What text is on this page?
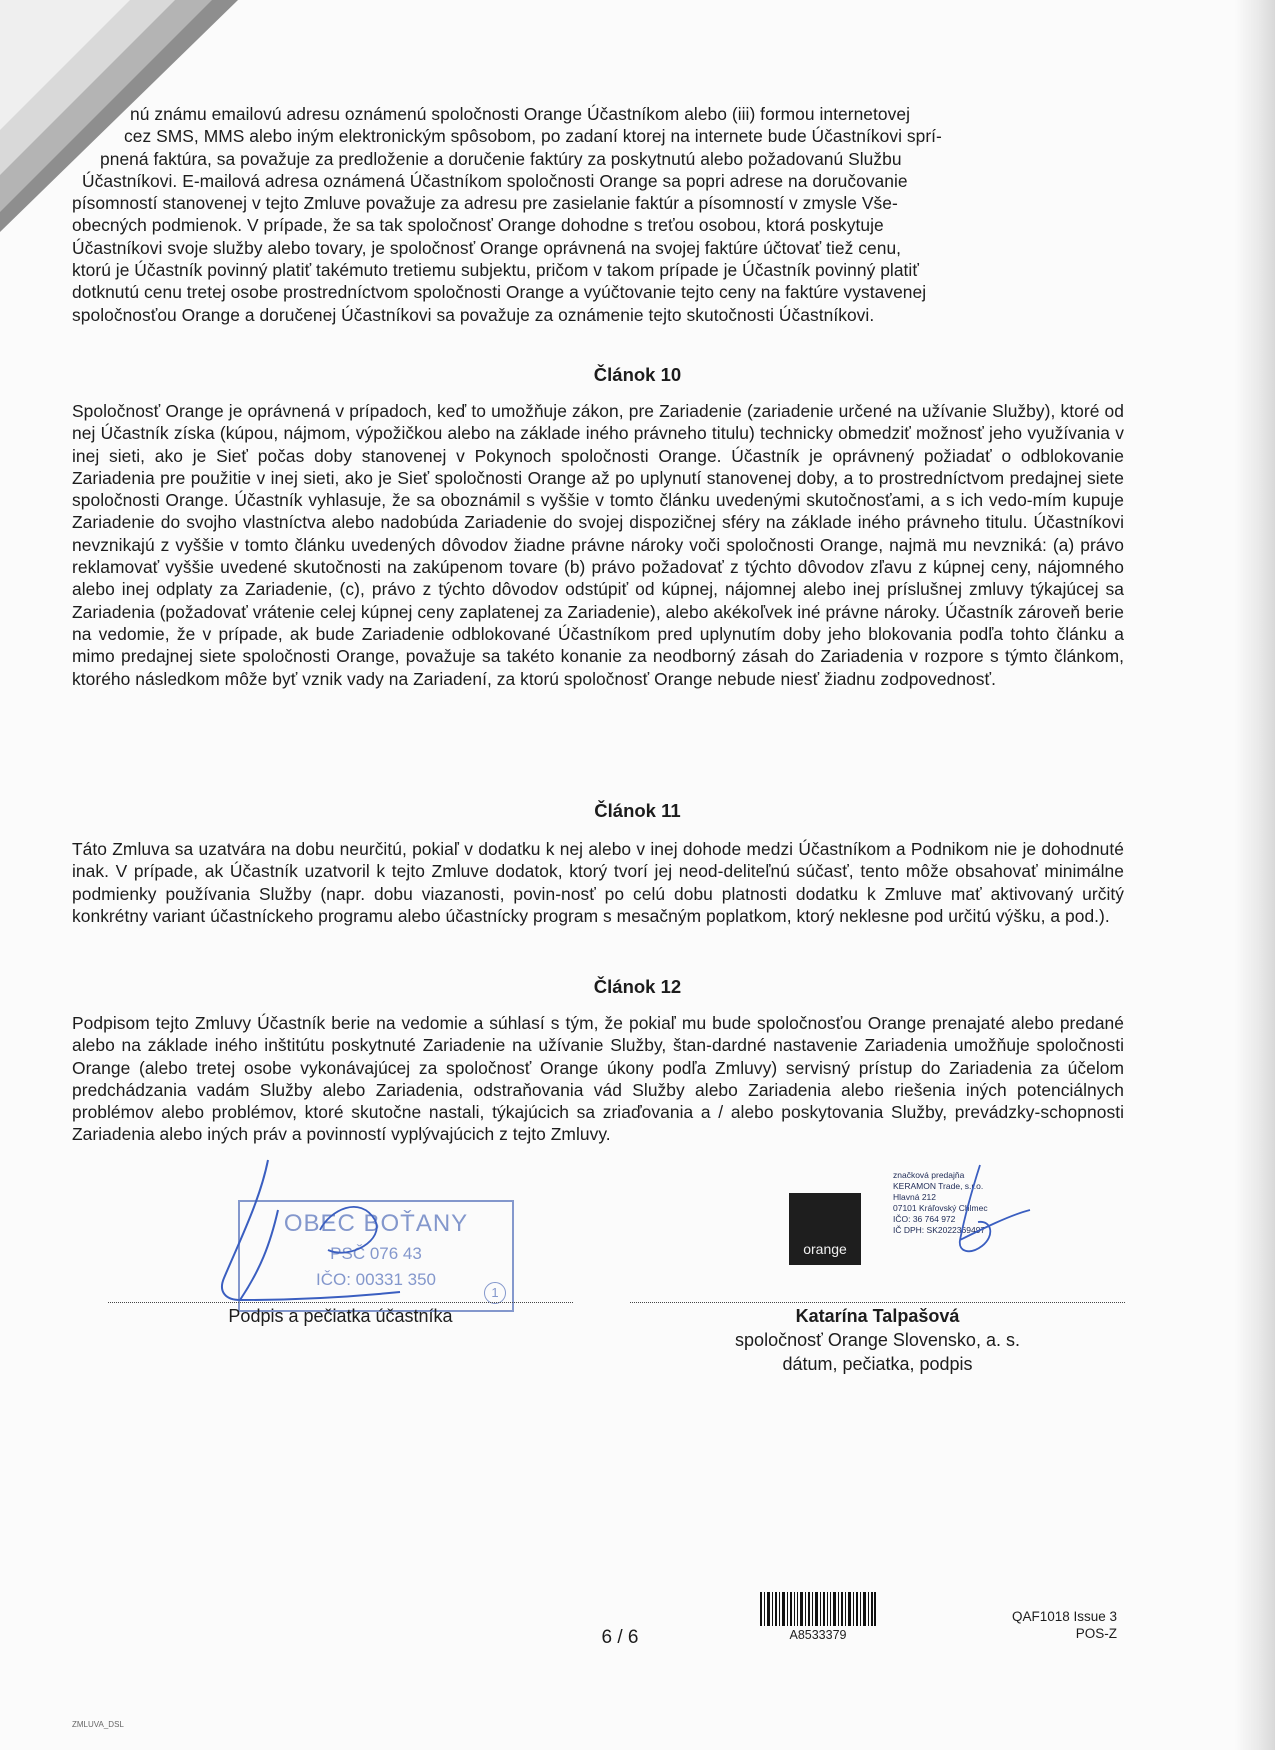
nú známu emailovú adresu oznámenú spoločnosti Orange Účastníkom alebo (iii) formou internetovej
cez SMS, MMS alebo iným elektronickým spôsobom, po zadaní ktorej na internete bude Účastníkovi sprí-
pnená faktúra, sa považuje za predloženie a doručenie faktúry za poskytnutú alebo požadovanú Službu
Účastníkovi. E-mailová adresa oznámená Účastníkom spoločnosti Orange sa popri adrese na doručovanie
písomností stanovenej v tejto Zmluve považuje za adresu pre zasielanie faktúr a písomností v zmysle Vše-
obecných podmienok. V prípade, že sa tak spoločnosť Orange dohodne s treťou osobou, ktorá poskytuje
Účastníkovi svoje služby alebo tovary, je spoločnosť Orange oprávnená na svojej faktúre účtovať tiež cenu,
ktorú je Účastník povinný platiť takémuto tretiemu subjektu, pričom v takom prípade je Účastník povinný platiť
dotknutú cenu tretej osobe prostredníctvom spoločnosti Orange a vyúčtovanie tejto ceny na faktúre vystavenej
spoločnosťou Orange a doručenej Účastníkovi sa považuje za oznámenie tejto skutočnosti Účastníkovi.
Článok 10
Spoločnosť Orange je oprávnená v prípadoch, keď to umožňuje zákon, pre Zariadenie (zariadenie určené na užívanie Služby), ktoré od nej Účastník získa (kúpou, nájmom, výpožičkou alebo na základe iného právneho titulu) technicky obmedziť možnosť jeho využívania v inej sieti, ako je Sieť počas doby stanovenej v Pokynoch spoločnosti Orange. Účastník je oprávnený požiadať o odblokovanie Zariadenia pre použitie v inej sieti, ako je Sieť spoločnosti Orange až po uplynutí stanovenej doby, a to prostredníctvom predajnej siete spoločnosti Orange. Účastník vyhlasuje, že sa oboznámil s vyššie v tomto článku uvedenými skutočnosťami, a s ich vedo-mím kupuje Zariadenie do svojho vlastníctva alebo nadobúda Zariadenie do svojej dispozičnej sféry na základe iného právneho titulu. Účastníkovi nevznikajú z vyššie v tomto článku uvedených dôvodov žiadne právne nároky voči spoločnosti Orange, najmä mu nevzniká: (a) právo reklamovať vyššie uvedené skutočnosti na zakúpenom tovare (b) právo požadovať z týchto dôvodov zľavu z kúpnej ceny, nájomného alebo inej odplaty za Zariadenie, (c), právo z týchto dôvodov odstúpiť od kúpnej, nájomnej alebo inej príslušnej zmluvy týkajúcej sa Zariadenia (požadovať vrátenie celej kúpnej ceny zaplatenej za Zariadenie), alebo akékoľvek iné právne nároky. Účastník zároveň berie na vedomie, že v prípade, ak bude Zariadenie odblokované Účastníkom pred uplynutím doby jeho blokovania podľa tohto článku a mimo predajnej siete spoločnosti Orange, považuje sa takéto konanie za neodborný zásah do Zariadenia v rozpore s týmto článkom, ktorého následkom môže byť vznik vady na Zariadení, za ktorú spoločnosť Orange nebude niesť žiadnu zodpovednosť.
Článok 11
Táto Zmluva sa uzatvára na dobu neurčitú, pokiaľ v dodatku k nej alebo v inej dohode medzi Účastníkom a Podnikom nie je dohodnuté inak. V prípade, ak Účastník uzatvoril k tejto Zmluve dodatok, ktorý tvorí jej neod-deliteľnú súčasť, tento môže obsahovať minimálne podmienky používania Služby (napr. dobu viazanosti, povin-nosť po celú dobu platnosti dodatku k Zmluve mať aktivovaný určitý konkrétny variant účastníckeho programu alebo účastnícky program s mesačným poplatkom, ktorý neklesne pod určitú výšku, a pod.).
Článok 12
Podpisom tejto Zmluvy Účastník berie na vedomie a súhlasí s tým, že pokiaľ mu bude spoločnosťou Orange prenajaté alebo predané alebo na základe iného inštitútu poskytnuté Zariadenie na užívanie Služby, štan-dardné nastavenie Zariadenia umožňuje spoločnosti Orange (alebo tretej osobe vykonávajúcej za spoločnosť Orange úkony podľa Zmluvy) servisný prístup do Zariadenia za účelom predchádzania vadám Služby alebo Zariadenia, odstraňovania vád Služby alebo Zariadenia alebo riešenia iných potenciálnych problémov alebo problémov, ktoré skutočne nastali, týkajúcich sa zriaďovania a / alebo poskytovania Služby, prevádzky-schopnosti Zariadenia alebo iných práv a povinností vyplývajúcich z tejto Zmluvy.
OBEC BOŤANY
PSČ 076 43
IČO: 00331 350
1
Podpis a pečiatka účastníka
orange
značková predajňa
KERAMON Trade, s.r.o.
Hlavná 212
07101 Kráľovský Chlmec
IČO: 36 764 972
IČ DPH: SK2022369497
Katarína Talpašová
spoločnosť Orange Slovensko, a. s.
dátum, pečiatka, podpis
A8533379
6 / 6
QAF1018 Issue 3
POS-Z
ZMLUVA_DSL
